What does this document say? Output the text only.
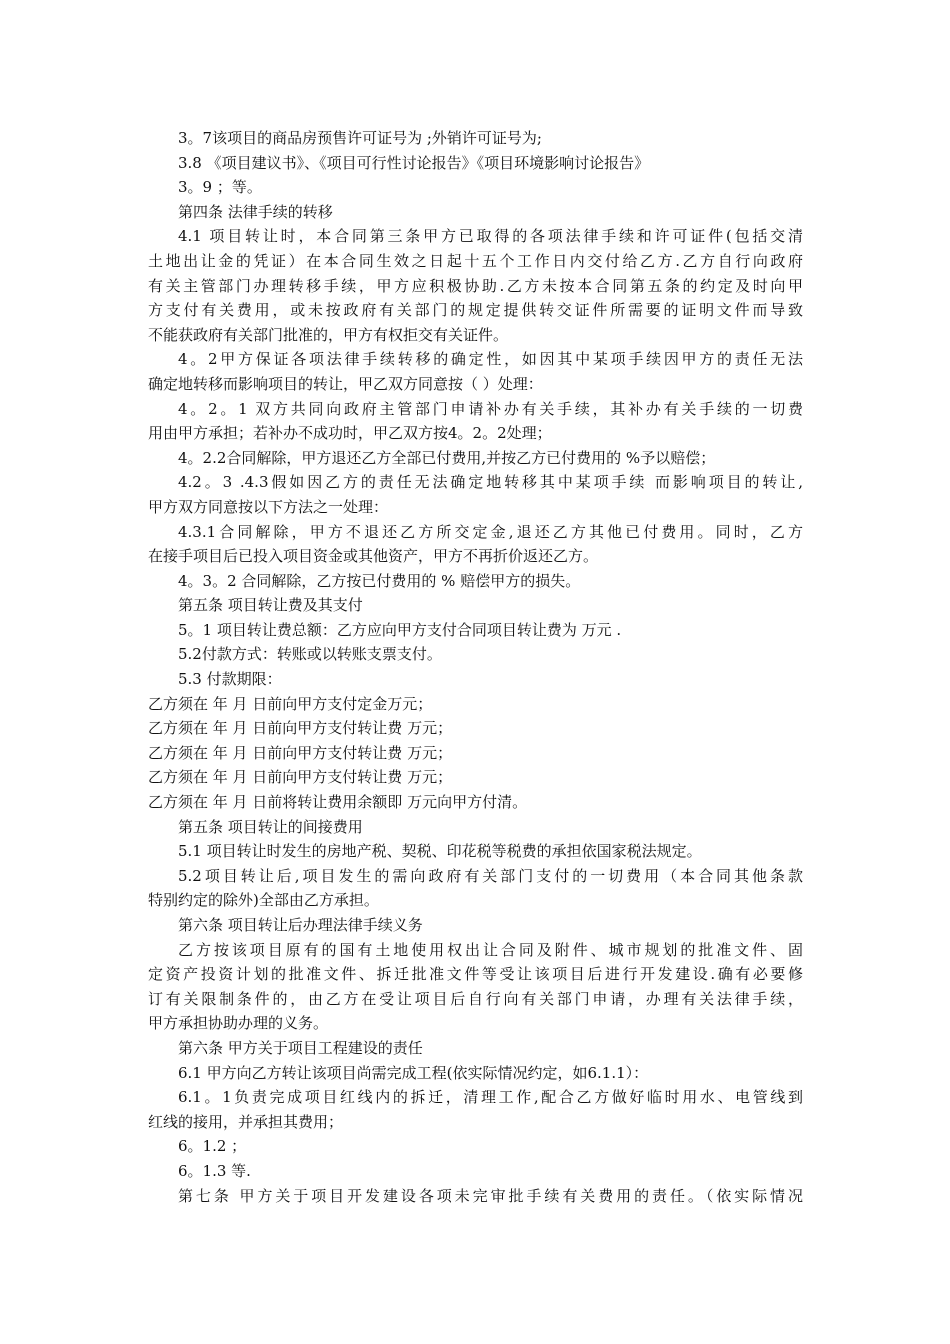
3。7该项目的商品房预售许可证号为 ;外销许可证号为;
3.8 《项目建议书》、《项目可行性讨论报告》《项目环境影响讨论报告》
3。9 ；等。
第四条 法律手续的转移
4.1 项目转让时，本合同第三条甲方已取得的各项法律手续和许可证件(包括交清
土地出让金的凭证）在本合同生效之日起十五个工作日内交付给乙方.乙方自行向政府
有关主管部门办理转移手续，甲方应积极协助.乙方未按本合同第五条的约定及时向甲
方支付有关费用，或未按政府有关部门的规定提供转交证件所需要的证明文件而导致
不能获政府有关部门批准的，甲方有权拒交有关证件。
4。2甲方保证各项法律手续转移的确定性，如因其中某项手续因甲方的责任无法
确定地转移而影响项目的转让，甲乙双方同意按（ ）处理：
4。2。1 双方共同向政府主管部门申请补办有关手续，其补办有关手续的一切费
用由甲方承担；若补办不成功时，甲乙双方按4。2。2处理；
4。2.2合同解除，甲方退还乙方全部已付费用,并按乙方已付费用的 %予以赔偿；
4.2。3 .4.3假如因乙方的责任无法确定地转移其中某项手续 而影响项目的转让,
甲方双方同意按以下方法之一处理：
4.3.1合同解除，甲方不退还乙方所交定金,退还乙方其他已付费用。同时，乙方
在接手项目后已投入项目资金或其他资产，甲方不再折价返还乙方。
4。3。2 合同解除，乙方按已付费用的 % 赔偿甲方的损失。
第五条 项目转让费及其支付
5。1 项目转让费总额：乙方应向甲方支付合同项目转让费为 万元 .
5.2付款方式：转账或以转账支票支付。
5.3 付款期限：
乙方须在 年 月 日前向甲方支付定金万元；
乙方须在 年 月 日前向甲方支付转让费 万元；
乙方须在 年 月 日前向甲方支付转让费 万元；
乙方须在 年 月 日前向甲方支付转让费 万元；
乙方须在 年 月 日前将转让费用余额即 万元向甲方付清。
第五条 项目转让的间接费用
5.1 项目转让时发生的房地产税、契税、印花税等税费的承担依国家税法规定。
5.2项目转让后,项目发生的需向政府有关部门支付的一切费用（本合同其他条款
特别约定的除外)全部由乙方承担。
第六条 项目转让后办理法律手续义务
乙方按该项目原有的国有土地使用权出让合同及附件、城市规划的批准文件、固
定资产投资计划的批准文件、拆迁批准文件等受让该项目后进行开发建设.确有必要修
订有关限制条件的，由乙方在受让项目后自行向有关部门申请，办理有关法律手续，
甲方承担协助办理的义务。
第六条 甲方关于项目工程建设的责任
6.1 甲方向乙方转让该项目尚需完成工程(依实际情况约定，如6.1.1）：
6.1。1负责完成项目红线内的拆迁，清理工作,配合乙方做好临时用水、电管线到
红线的接用，并承担其费用；
6。1.2 ；
6。1.3 等.
第七条 甲方关于项目开发建设各项未完审批手续有关费用的责任。（依实际情况
